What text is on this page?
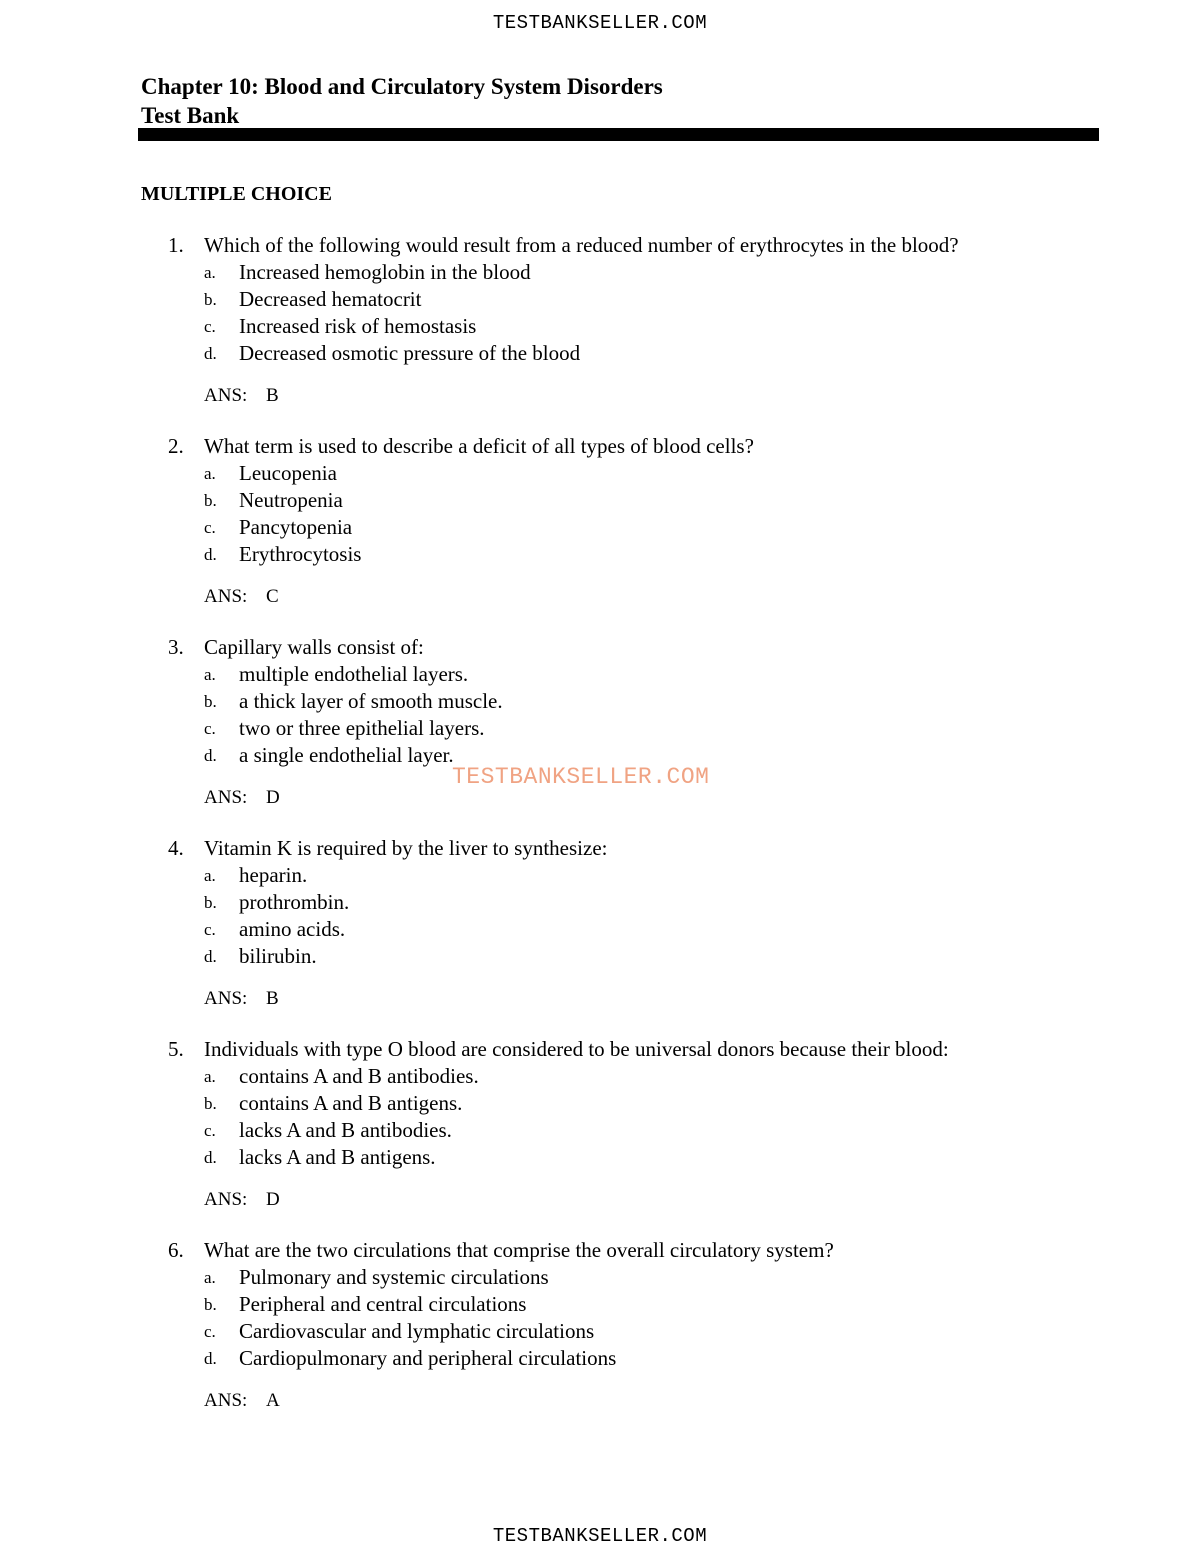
TESTBANKSELLER.COM
Chapter 10: Blood and Circulatory System Disorders
Test Bank
MULTIPLE CHOICE
1. Which of the following would result from a reduced number of erythrocytes in the blood?
a. Increased hemoglobin in the blood
b. Decreased hematocrit
c. Increased risk of hemostasis
d. Decreased osmotic pressure of the blood
ANS: B
2. What term is used to describe a deficit of all types of blood cells?
a. Leucopenia
b. Neutropenia
c. Pancytopenia
d. Erythrocytosis
ANS: C
3. Capillary walls consist of:
a. multiple endothelial layers.
b. a thick layer of smooth muscle.
c. two or three epithelial layers.
d. a single endothelial layer.
ANS: D
4. Vitamin K is required by the liver to synthesize:
a. heparin.
b. prothrombin.
c. amino acids.
d. bilirubin.
ANS: B
5. Individuals with type O blood are considered to be universal donors because their blood:
a. contains A and B antibodies.
b. contains A and B antigens.
c. lacks A and B antibodies.
d. lacks A and B antigens.
ANS: D
6. What are the two circulations that comprise the overall circulatory system?
a. Pulmonary and systemic circulations
b. Peripheral and central circulations
c. Cardiovascular and lymphatic circulations
d. Cardiopulmonary and peripheral circulations
ANS: A
TESTBANKSELLER.COM
TESTBANKSELLER.COM
